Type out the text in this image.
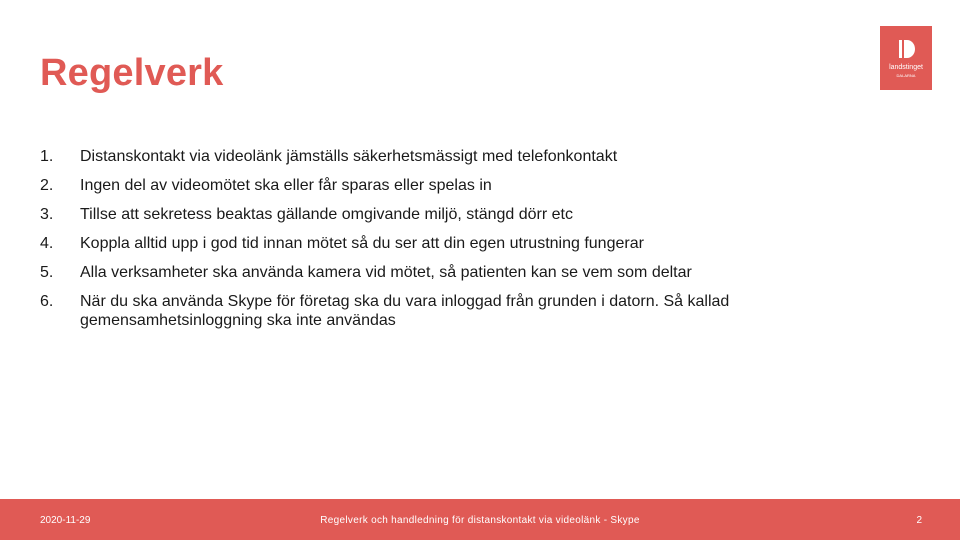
Regelverk	landstinget
DALARNA
1.	Distanskontakt via videolänk jämställs säkerhetsmässigt med telefonkontakt
2.	Ingen del av videomötet ska eller får sparas eller spelas in
3.	Tillse att sekretess beaktas gällande omgivande miljö, stängd dörr etc
4.	Koppla alltid upp i god tid innan mötet så du ser att din egen utrustning fungerar
5.	Alla verksamheter ska använda kamera vid mötet, så patienten kan se vem som deltar
6.	När du ska använda Skype för företag ska du vara inloggad från grunden i datorn. Så kallad gemensamhetsinloggning ska inte användas
2020-11-29	Regelverk och handledning för distanskontakt via videolänk - Skype	2
